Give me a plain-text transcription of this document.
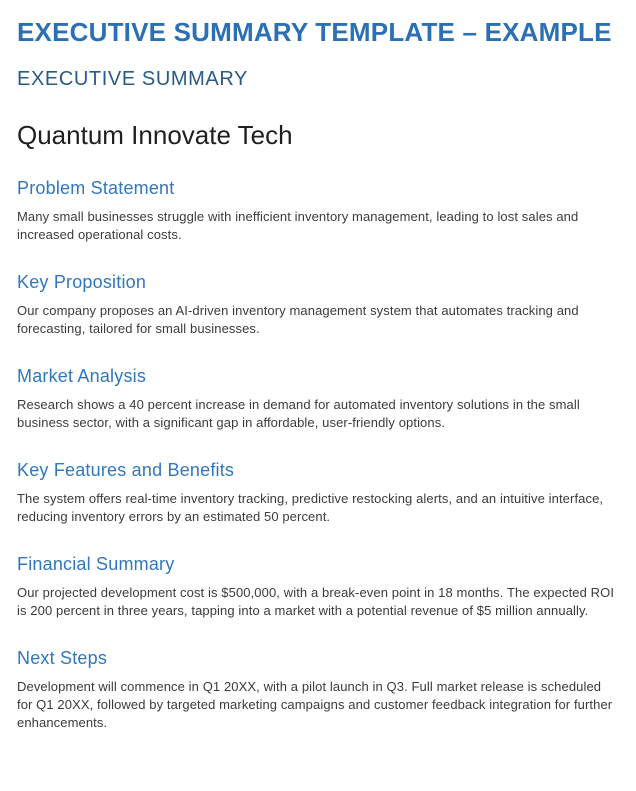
EXECUTIVE SUMMARY TEMPLATE – EXAMPLE
EXECUTIVE SUMMARY

Quantum Innovate Tech

Problem Statement

Many small businesses struggle with inefficient inventory management, leading to lost sales and increased operational costs.

Key Proposition

Our company proposes an AI-driven inventory management system that automates tracking and forecasting, tailored for small businesses.

Market Analysis

Research shows a 40 percent increase in demand for automated inventory solutions in the small business sector, with a significant gap in affordable, user-friendly options.

Key Features and Benefits

The system offers real-time inventory tracking, predictive restocking alerts, and an intuitive interface, reducing inventory errors by an estimated 50 percent.

Financial Summary

Our projected development cost is $500,000, with a break-even point in 18 months. The expected ROI is 200 percent in three years, tapping into a market with a potential revenue of $5 million annually.

Next Steps

Development will commence in Q1 20XX, with a pilot launch in Q3. Full market release is scheduled for Q1 20XX, followed by targeted marketing campaigns and customer feedback integration for further enhancements.
